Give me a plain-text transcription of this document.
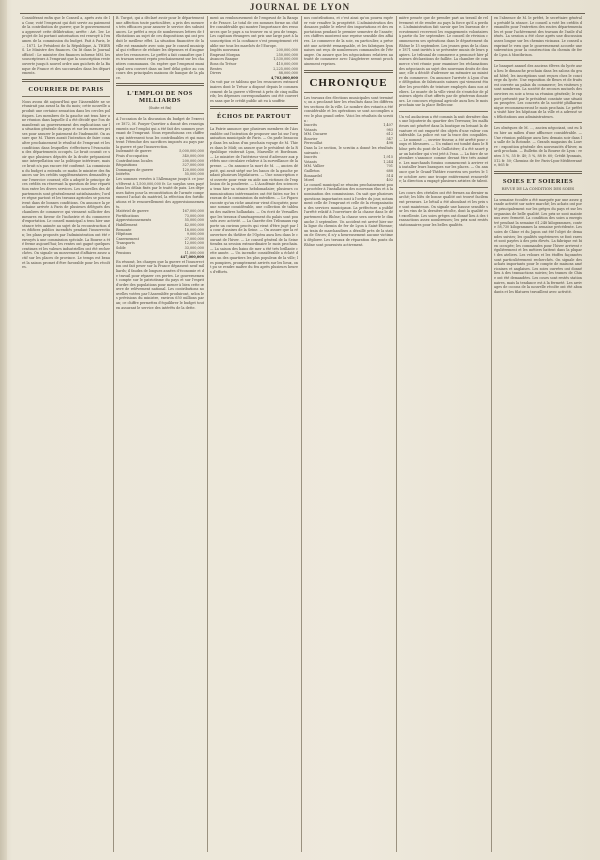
JOURNAL DE LYON

Considérant enfin que le Conseil a, après avis de la Cour, voté l'emprunt qui doit servir au paiement de la contribution de guerre; que le gouvernement a approuvé cette délibération; arrête : Art. 1er. Le projet de loi portant autorisation est renvoyé à l'examen de la commission du budget. Fait à Paris, le ... 1871. Le Président de la République, A. THIERS. Le Ministre des finances. On lit dans le Journal officiel : Le ministre des finances informe MM. les souscripteurs à l'emprunt que la souscription reste ouverte jusqu'à nouvel ordre aux guichets de la Banque de France et des succursales dans les départements.

COURRIER DE PARIS

Nous avons dit aujourd'hui que l'Assemblée ne se réunirait pas avant la fin du mois; cette nouvelle a produit une certaine sensation dans les cercles politiques. Les membres de la gauche ont tenu hier une réunion dans laquelle il a été décidé que l'on demanderait au gouvernement des explications sur la situation générale du pays et sur les mesures prises pour assurer le paiement de l'indemnité. On assure que M. Thiers aurait l'intention de faire connaître prochainement le résultat de l'emprunt et les conditions dans lesquelles s'effectuera l'évacuation des départements occupés. Le bruit courait ce soir que plusieurs députés de la droite préparaient une interpellation sur la politique intérieure, mais ce bruit n'a pas encore été confirmé. La commission du budget a entendu ce matin le ministre des finances sur les crédits supplémentaires demandés pour l'exercice courant; elle a adopté le principe de ces crédits en réservant la question de leur répartition entre les divers services. Les nouvelles des départements sont généralement satisfaisantes; l'ordre règne partout et les travaux agricoles se poursuivent dans de bonnes conditions. On annonce la prochaine arrivée à Paris de plusieurs délégués des chambres de commerce qui viennent solliciter des mesures en faveur de l'industrie et du commerce d'exportation. Le conseil municipal a tenu hier une séance très animée au sujet de la reconstruction des édifices publics incendiés pendant l'insurrection; les plans proposés par l'administration ont été renvoyés à une commission spéciale. La Bourse a été ferme aujourd'hui; les rentes ont gagné quelques centimes et les valeurs industrielles ont été recherchées. On signale un mouvement d'affaires assez actif sur les places de province. Le temps est beau et la saison promet d'être favorable pour les récoltes.

B. Turgot, qui a déclaré avoir pour le département une affection toute particulière, a pris des mesures très efficaces pour assurer le service des subsistances. Le préfet a reçu de nombreuses lettres de félicitations au sujet de ces dispositions qui ont produit le meilleur effet. La situation financière de la ville est examinée avec soin par le conseil municipal qui s'efforce de réduire les dépenses et d'augmenter les ressources. Le préfet a fait connaître que les travaux seront repris prochainement sur les chantiers communaux. On espère que l'emprunt municipal sera couvert dans un bref délai grâce au concours des principales maisons de banque de la place.

L'EMPLOI DE NOS MILLIARDS
(Suite et fin)

A l'occasion de la discussion du budget de l'exercice 1872, M. Pouyer-Quertier a donné des renseignements sur l'emploi qui a été fait des sommes provenant de l'emprunt. Nous reproduisons ces chiffres qui intéressent tous les contribuables et qui montrent l'étendue des sacrifices imposés au pays par la guerre et par l'insurrection.

Indemnité de guerre	5,000,000,000
Frais d'occupation	340,000,000
Contributions locales	200,000,000
Réquisitions	327,000,000
Dommages de guerre	120,000,000
Intérêts	55,000,000

Les sommes versées à l'Allemagne jusqu'à ce jour s'élèvent à 1,500,000,000 fr. Le surplus sera payé dans les délais fixés par le traité de paix. Les dépenses faites pour la reconstitution de l'armée comprennent l'achat du matériel, la réfection des fortifications et le renouvellement des approvisionnements.

Matériel de guerre	167,000,000
Fortifications	73,000,000
Approvisionnements	55,000,000
Habillement	42,000,000
Remonte	18,000,000
Hôpitaux	9,000,000
Casernement	27,000,000
Transports	12,000,000
Solde	33,000,000
Pensions	11,000,000
447,000,000

En résumé, les charges que la guerre et l'insurrection ont fait peser sur la France dépassent neuf milliards; il faudra de longues années d'économie et de travail pour réparer ces pertes. Le gouvernement compte sur le patriotisme du pays et sur l'esprit d'ordre des populations pour mener à bien cette œuvre de relèvement national. Les contributions nouvelles votées par l'Assemblée produiront, selon les prévisions du ministre, environ 650 millions par an; ce chiffre permettra d'équilibrer le budget tout en assurant le service des intérêts de la dette.

ment au remboursement de l'emprunt de la Banque de France. Le total de ces sommes forme un chiffre considérable qui montre l'importance des ressources que le pays a su trouver en si peu de temps. Les capitaux étrangers ont pris une large part à la souscription et la confiance s'est promptement rétablie sur tous les marchés de l'Europe.

Impôts nouveaux	200,000,000
Emprunt Morgan	250,000,000
Avances Banque	1,530,000,000
Bons du Trésor	410,000,000
Rentes	2,225,000,000
Divers	88,000,000
4,703,000,000

On voit par ce tableau que les ressources extraordinaires dont le Trésor a disposé depuis le commencement de la guerre s'élèvent à près de cinq milliards; les dépenses correspondantes ont été couvertes sans que le crédit public ait eu à souffrir.

ÉCHOS DE PARTOUT

La Patrie annonce que plusieurs membres de l'Assemblée ont l'intention de proposer une loi sur l'organisation municipale de Paris. — On parle beaucoup dans les salons d'un prochain voyage de M. Thiers dans le Midi; on assure que le président de la République visiterait Lyon, Marseille et Bordeaux. — Le ministre de l'intérieur vient d'adresser aux préfets une circulaire relative à la surveillance de la presse. — On annonce la mort de M. ..., ancien député, qui avait siégé sur les bancs de la gauche pendant plusieurs législatures. — Une souscription est ouverte pour venir en aide aux victimes de l'explosion de la poudrerie. — L'Académie des sciences a tenu hier sa séance hebdomadaire; plusieurs communications intéressantes ont été faites sur les travaux de la commission du méridien. — Le Figaro raconte qu'un riche amateur vient d'acquérir, pour une somme considérable, une collection de tableaux des maîtres hollandais. — On écrit de Versailles que les travaux d'aménagement du palais sont poussés avec activité. — La Gazette des Tribunaux rapporte un curieux procès qui vient d'être jugé par la cour d'assises de la Seine. — On assure que la réouverture du théâtre de l'Opéra aura lieu dans le courant de l'hiver. — Le conseil général de la Seine tiendra sa session extraordinaire le mois prochain. — La saison des bains de mer a été très brillante cette année. — Un incendie considérable a éclaté dans un des quartiers les plus populeux de la ville; les pompiers, promptement arrivés sur les lieux, ont pu se rendre maître du feu après plusieurs heures d'efforts.

nos contributions, et c'est ainsi qu'on pourra espérer voir renaître la prospérité. L'administration des douanes publie le relevé des importations et des exportations pendant le premier semestre de l'année; ces chiffres montrent une reprise sensible des affaires. Le commerce de la soie, en particulier, a présenté une activité remarquable, et les fabriques lyonnaises ont reçu de nombreuses commandes de l'étranger. On assure que les négociations relatives au traité de commerce avec l'Angleterre seront prochainement reprises.

CHRONIQUE

Les travaux des élections municipales sont terminés; on a proclamé hier les résultats dans les différentes sections de la ville. Le nombre des votants a été considérable et les opérations se sont accomplies avec le plus grand ordre. Voici les résultats du scrutin :

Inscrits	1,407
Votants	983
MM. Ducarre	612
Bouvier	547
Ferrouillat	498

Dans la 2e section, le scrutin a donné les résultats suivants :

Inscrits	1,915
Votants	1,244
MM. Vallier	701
Gailleton	688
Bonnardel	514
Morel	402

Le conseil municipal se réunira prochainement pour procéder à l'installation des nouveaux élus et à la nomination des commissions. On sait que plusieurs questions importantes sont à l'ordre du jour, notamment celle de l'emprunt et celle de la réorganisation des services municipaux. La préfecture a publié l'arrêté relatif à l'ouverture de la chasse dans le département du Rhône; la chasse sera ouverte le dimanche 3 septembre. Un accident est arrivé hier sur la ligne du chemin de fer de Lyon à Saint-Étienne; un train de marchandises a déraillé près de la station de Givors; il n'y a heureusement aucune victime à déplorer. Les travaux de réparation des ponts du Rhône sont poursuivis activement.

mière pensée que de prendre part au travail de relèvement et de rendre au pays la force qu'il a perdue. L'administration fait savoir que les bureaux de recrutement recevront les engagements volontaires à partir du 1er septembre. Le conseil de révision commencera ses opérations dans le département du Rhône le 15 septembre. Les jeunes gens de la classe 1871 sont invités à se présenter munis de leurs papiers. Le tribunal de commerce a prononcé hier plusieurs déclarations de faillite. La chambre de commerce s'est réunie pour examiner les réclamations des négociants au sujet des nouveaux droits de douane; elle a décidé d'adresser un mémoire au ministre du commerce. On annonce l'arrivée à Lyon d'une délégation de fabricants suisses qui viennent étudier les procédés de teinture employés dans nos ateliers. Le musée de la ville vient de s'enrichir de plusieurs objets d'art offerts par de généreux donateurs. Le concours régional agricole aura lieu le mois prochain sur la place Bellecour.

Un vol audacieux a été commis la nuit dernière dans une bijouterie du quartier des Terreaux; les malfaiteurs ont pénétré dans la boutique en brisant la devanture et ont emporté des objets d'une valeur considérable. La police est sur la trace des coupables. — Le nommé ..., ouvrier tisseur, a été arrêté pour coups et blessures. — Un enfant est tombé dans le Rhône près du pont de la Guillotière; il a été sauvé par un batelier qui s'est jeté à l'eau. — La foire de septembre s'annonce comme devant être très animée. Les marchands forains commencent à arriver et à installer leurs baraques sur les places. — On annonce que le Grand-Théâtre rouvrira ses portes le 1er octobre avec une troupe entièrement renouvelée; la direction a engagé plusieurs artistes de talent.

Les cours des céréales ont été fermes au dernier marché; les blés de bonne qualité ont trouvé facilement preneurs. Le bétail a été abondant et les prix se sont maintenus. On signale une hausse sensible sur les vins de la dernière récolte, dont la qualité est excellente. Les soies grèges ont donné lieu à des transactions assez nombreuses; les prix sont restés stationnaires pour les belles qualités.

en l'absence de M. le préfet, le secrétaire général a présidé la séance. Le conseil a voté les crédits demandés pour l'entretien des routes départementales et pour l'achèvement des travaux de l'asile d'aliénés. La session a été close après une discussion assez longue sur les chemins vicinaux. Le conseil a exprimé le vœu que le gouvernement accorde une subvention pour la construction du chemin de fer de Lyon à Montbrison.

Le banquet annuel des anciens élèves du lycée aura lieu le dimanche prochain dans les salons du grand hôtel; les inscriptions sont reçues chez le concierge du lycée. Une exposition de fleurs et de fruits est ouverte au palais du commerce; les visiteurs y sont nombreux. La société de secours mutuels des ouvriers en soie a tenu sa réunion générale; le rapport présenté par le président constate une situation prospère. Les concerts de la société philharmonique recommenceront le mois prochain. Le préfet a visité hier les hôpitaux de la ville et a adressé ses félicitations aux administrateurs.

Les obsèques de M. ..., ancien négociant, ont eu lieu hier au milieu d'une affluence considérable. — Une réunion publique aura lieu demain soir dans la salle de la Rotonde. — Grands magasins du Louvre : exposition générale des nouveautés d'hiver, mardi prochain. — Bulletin de la Bourse de Lyon : rentes 3 %, 55 fr. 40; 5 %, 88 fr. 60; Crédit lyonnais, 512 fr. 50; Chemins de fer Paris-Lyon-Méditerranée, 865 fr.

SOIES ET SOIERIES
REVUE DE LA CONDITION DES SOIES

La semaine écoulée a été marquée par une assez grande activité sur notre marché; les achats ont porté principalement sur les grèges du pays et sur les organsins de belle qualité. Les prix se sont maintenus avec fermeté. La condition des soies a enregistré pendant la semaine 61,248 kilogrammes, contre 58,730 kilogrammes la semaine précédente. Les soies de Chine et du Japon ont été l'objet de demandes suivies; les qualités supérieures se font rares et sont payées à des prix élevés. La fabrique est bien occupée; les commandes pour l'hiver arrivent régulièrement et les métiers battent dans la plupart des ateliers. Les velours et les étoffes façonnées sont particulièrement recherchés. On signale des achats importants pour le compte de maisons américaines et anglaises. Les soies ouvrées ont donné lieu à des transactions suivies; les trames de Chine ont été demandées. Les cours sont restés stationnaires, mais la tendance est à la fermeté. Les arrivages de cocons de la nouvelle récolte ont été abondants et les filatures travaillent avec activité.
